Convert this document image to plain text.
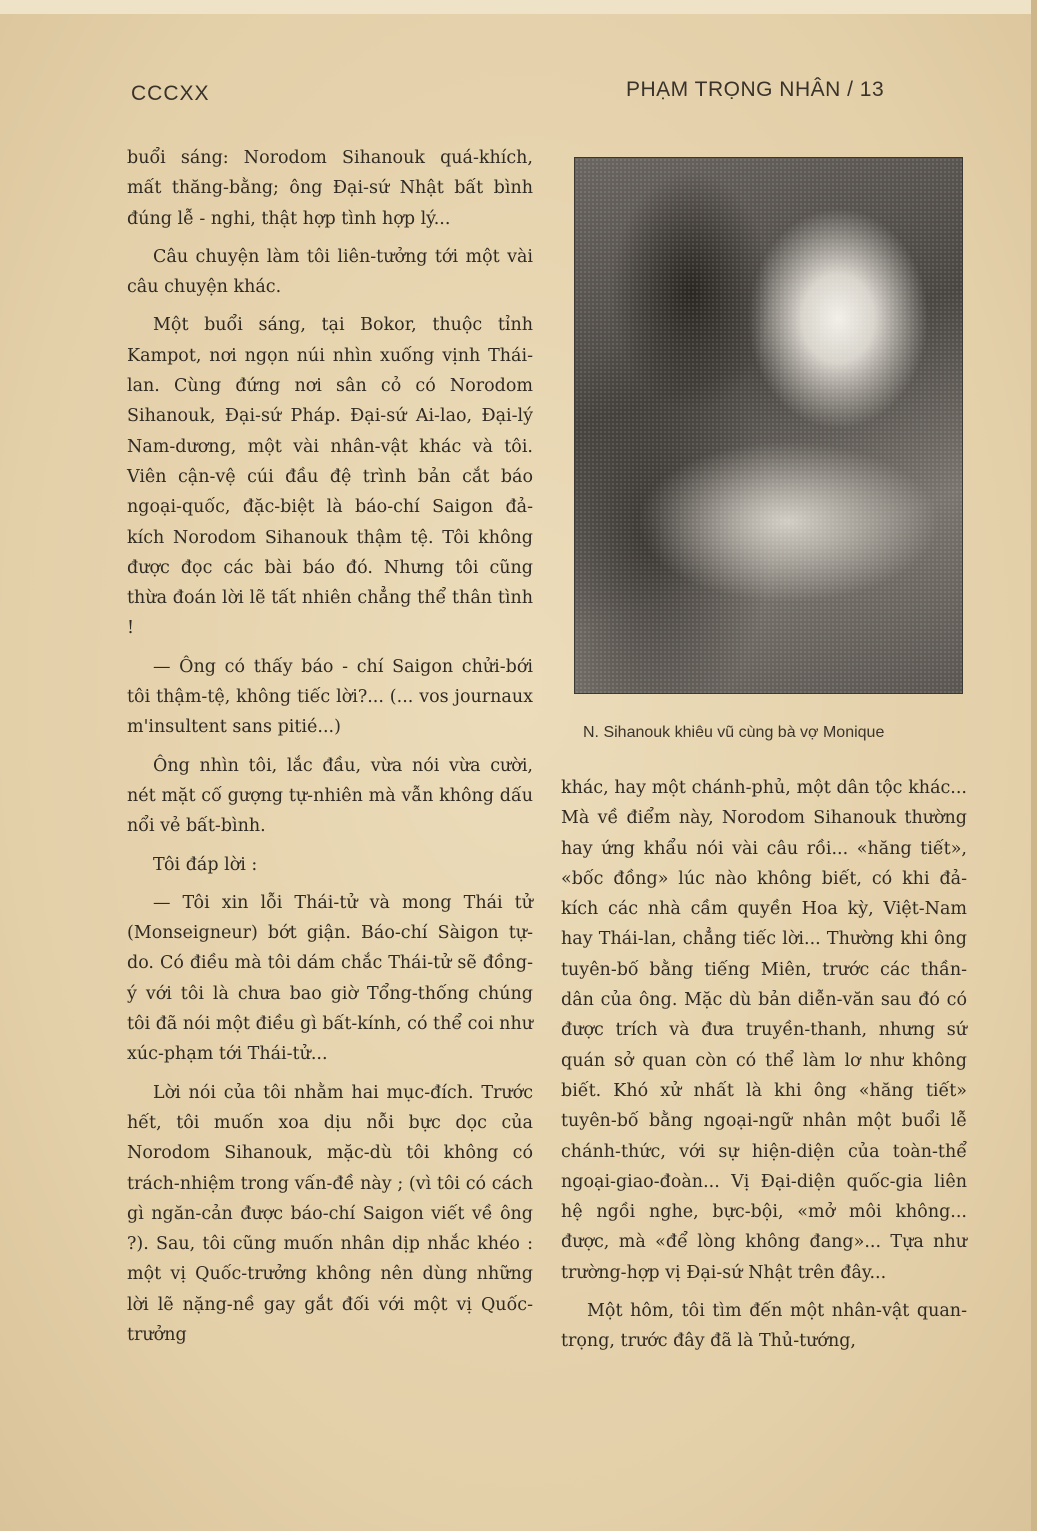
CCCXX	PHẠM TRỌNG NHÂN / 13

buổi sáng: Norodom Sihanouk quá-khích, mất thăng-bằng; ông Đại-sứ Nhật bất bình đúng lễ - nghi, thật hợp tình hợp lý...

Câu chuyện làm tôi liên-tưởng tới một vài câu chuyện khác.

Một buổi sáng, tại Bokor, thuộc tỉnh Kampot, nơi ngọn núi nhìn xuống vịnh Thái-lan. Cùng đứng nơi sân cỏ có Norodom Sihanouk, Đại-sứ Pháp. Đại-sứ Ai-lao, Đại-lý Nam-dương, một vài nhân-vật khác và tôi. Viên cận-vệ cúi đầu đệ trình bản cắt báo ngoại-quốc, đặc-biệt là báo-chí Saigon đả-kích Norodom Sihanouk thậm tệ. Tôi không được đọc các bài báo đó. Nhưng tôi cũng thừa đoán lời lẽ tất nhiên chẳng thể thân tình !

— Ông có thấy báo - chí Saigon chửi-bới tôi thậm-tệ, không tiếc lời?... (... vos journaux m'insultent sans pitié...)

Ông nhìn tôi, lắc đầu, vừa nói vừa cười, nét mặt cố gượng tự-nhiên mà vẫn không dấu nổi vẻ bất-bình.

Tôi đáp lời :

— Tôi xin lỗi Thái-tử và mong Thái tử (Monseigneur) bớt giận. Báo-chí Sàigon tự-do. Có điều mà tôi dám chắc Thái-tử sẽ đồng-ý với tôi là chưa bao giờ Tổng-thống chúng tôi đã nói một điều gì bất-kính, có thể coi như xúc-phạm tới Thái-tử...

Lời nói của tôi nhằm hai mục-đích. Trước hết, tôi muốn xoa dịu nỗi bực dọc của Norodom Sihanouk, mặc-dù tôi không có trách-nhiệm trong vấn-đề này ; (vì tôi có cách gì ngăn-cản được báo-chí Saigon viết về ông ?). Sau, tôi cũng muốn nhân dịp nhắc khéo : một vị Quốc-trưởng không nên dùng những lời lẽ nặng-nề gay gắt đối với một vị Quốc-trưởng

N. Sihanouk khiêu vũ cùng bà vợ Monique

khác, hay một chánh-phủ, một dân tộc khác... Mà về điểm này, Norodom Sihanouk thường hay ứng khẩu nói vài câu rồi... «hăng tiết», «bốc đồng» lúc nào không biết, có khi đả-kích các nhà cầm quyền Hoa kỳ, Việt-Nam hay Thái-lan, chẳng tiếc lời... Thường khi ông tuyên-bố bằng tiếng Miên, trước các thần-dân của ông. Mặc dù bản diễn-văn sau đó có được trích và đưa truyền-thanh, nhưng sứ quán sở quan còn có thể làm lơ như không biết. Khó xử nhất là khi ông «hăng tiết» tuyên-bố bằng ngoại-ngữ nhân một buổi lễ chánh-thức, với sự hiện-diện của toàn-thể ngoại-giao-đoàn... Vị Đại-diện quốc-gia liên hệ ngồi nghe, bực-bội, «mở môi không... được, mà «để lòng không đang»... Tựa như trường-hợp vị Đại-sứ Nhật trên đây...

Một hôm, tôi tìm đến một nhân-vật quan-trọng, trước đây đã là Thủ-tướng,
